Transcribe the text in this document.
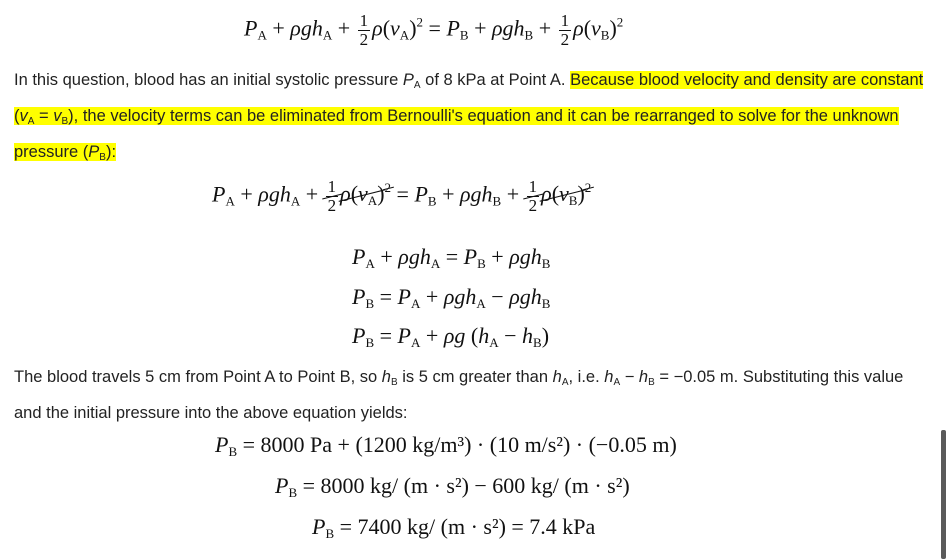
$P_A + \rho gh_A + \frac{1}{2} \rho(v_A)^2 = P_B + \rho gh_B + \frac{1}{2} \rho(v_B)^2$
In this question, blood has an initial systolic pressure $P_A$ of 8 kPa at Point A. Because blood velocity and density are constant $(v_A = v_B)$, the velocity terms can be eliminated from Bernoulli's equation and it can be rearranged to solve for the unknown pressure $(P_B)$:
$P_A + \rho gh_A + \frac{1}{2} \rho(v_A)^2 = P_B + \rho gh_B + \frac{1}{2} \rho(v_B)^2$
$P_A + \rho gh_A = P_B + \rho gh_B$
$P_B = P_A + \rho gh_A - \rho gh_B$
$P_B = P_A + \rho g$ $(h_A - h_B)$
The blood travels 5 cm from Point A to Point B, so $h_B$ is 5 cm greater than $h_A$, i.e. $h_A - h_B = -0.05$ m. Substituting this value and the initial pressure into the above equation yields:
$P_B = 8000$ Pa + (1200 kg/m³) · (10 m/s²) · (−0.05 m)
$P_B = 8000$ kg/ (m · s²) − 600 kg/ (m · s²)
$P_B = 7400$ kg/ (m · s²) = 7.4 kPa
